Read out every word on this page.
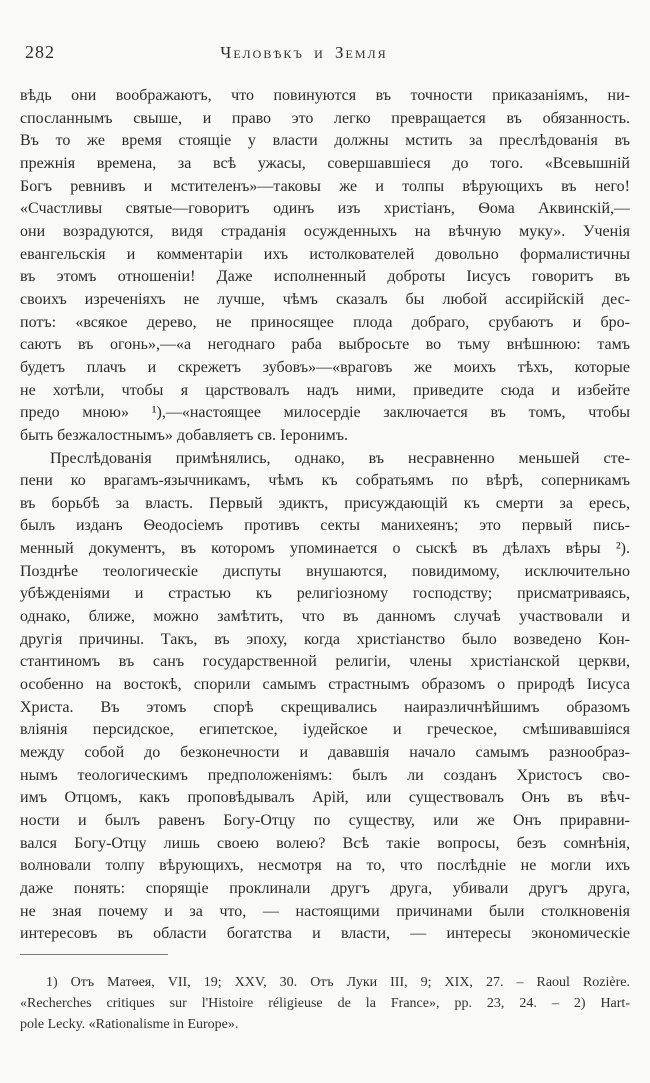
282	Человѣкъ и Земля
вѣдь они воображаютъ, что повинуются въ точности приказаніямъ, ни-
спосланнымъ свыше, и право это легко превращается въ обязанность.
Въ то же время стоящіе у власти должны мстить за преслѣдованія въ
прежнія времена, за всѣ ужасы, совершавшіеся до того. «Всевышній
Богъ ревнивъ и мстителенъ»—таковы же и толпы вѣрующихъ въ него!
«Счастливы святые—говоритъ одинъ изъ христіанъ, Ѳома Аквинскій,—
они возрадуются, видя страданія осужденныхъ на вѣчную муку». Ученія
евангельскія и комментаріи ихъ истолкователей довольно формалистичны
въ этомъ отношеніи! Даже исполненный доброты Іисусъ говоритъ въ
своихъ изреченіяхъ не лучше, чѣмъ сказалъ бы любой ассирійскій дес-
потъ: «всякое дерево, не приносящее плода добраго, срубаютъ и бро-
саютъ въ огонь»,—«а негоднаго раба выбросьте во тьму внѣшнюю: тамъ
будетъ плачъ и скрежетъ зубовъ»—«враговъ же моихъ тѣхъ, которые
не хотѣли, чтобы я царствовалъ надъ ними, приведите сюда и избейте
предо мною» ¹),—«настоящее милосердіе заключается въ томъ, чтобы
быть безжалостнымъ» добавляетъ св. Іеронимъ.
Преслѣдованія примѣнялись, однако, въ несравненно меньшей сте-
пени ко врагамъ-язычникамъ, чѣмъ къ собратьямъ по вѣрѣ, соперникамъ
въ борьбѣ за власть. Первый эдиктъ, присуждающій къ смерти за ересь,
былъ изданъ Ѳеодосіемъ противъ секты манихеянъ; это первый пись-
менный документъ, въ которомъ упоминается о сыскѣ въ дѣлахъ вѣры ²).
Позднѣе теологическіе диспуты внушаются, повидимому, исключительно
убѣжденіями и страстью къ религіозному господству; присматриваясь,
однако, ближе, можно замѣтить, что въ данномъ случаѣ участвовали и
другія причины. Такъ, въ эпоху, когда христіанство было возведено Кон-
стантиномъ въ санъ государственной религіи, члены христіанской церкви,
особенно на востокѣ, спорили самымъ страстнымъ образомъ о природѣ Іисуса
Христа. Въ этомъ спорѣ скрещивались наиразличнѣйшимъ образомъ
вліянія персидское, египетское, іудейское и греческое, смѣшивавшіяся
между собой до безконечности и дававшія начало самымъ разнообраз-
нымъ теологическимъ предположеніямъ: былъ ли созданъ Христосъ сво-
имъ Отцомъ, какъ проповѣдывалъ Арій, или существовалъ Онъ въ вѣч-
ности и былъ равенъ Богу-Отцу по существу, или же Онъ приравни-
вался Богу-Отцу лишь своею волею? Всѣ такіе вопросы, безъ сомнѣнія,
волновали толпу вѣрующихъ, несмотря на то, что послѣдніе не могли ихъ
даже понять: спорящіе проклинали другъ друга, убивали другъ друга,
не зная почему и за что, — настоящими причинами были столкновенія
интересовъ въ области богатства и власти, — интересы экономическіе
1) Отъ Матѳея, VII, 19; XXV, 30. Отъ Луки III, 9; XIX, 27. – Raoul Rozière.
«Recherches critiques sur l'Histoire réligieuse de la France», pp. 23, 24. – 2) Hart-
pole Lecky. «Rationalisme in Europe».
